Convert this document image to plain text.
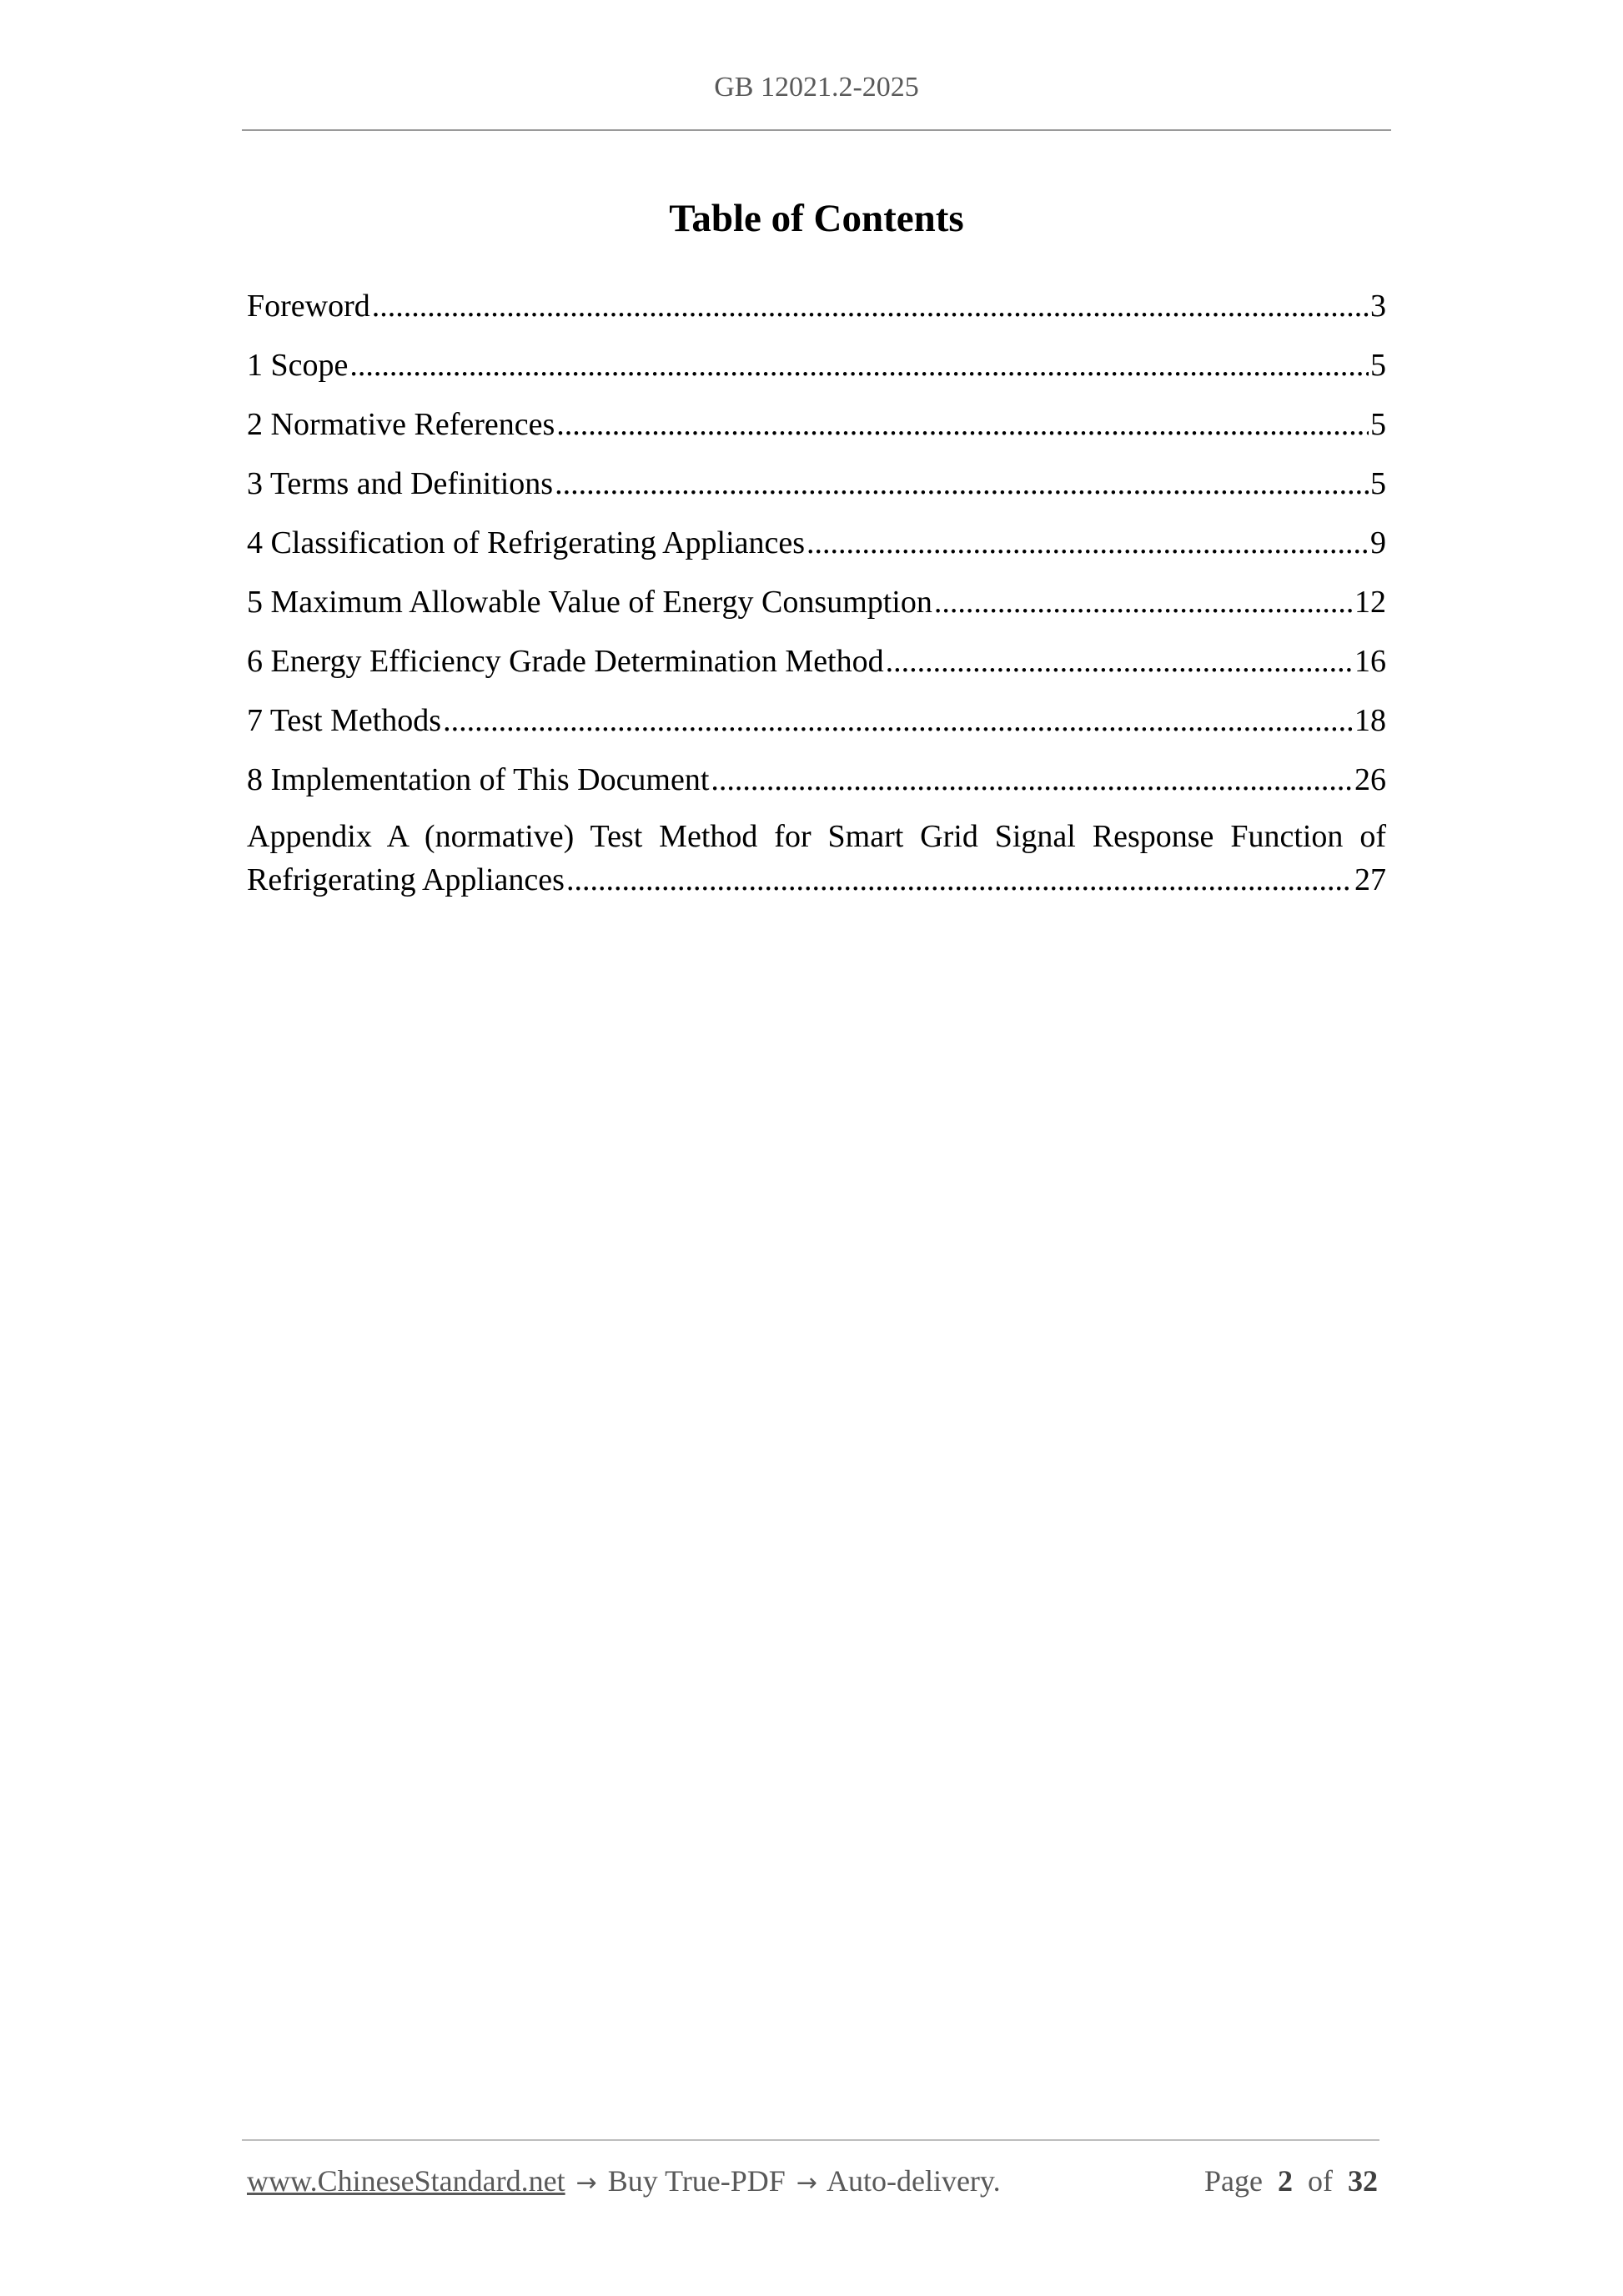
GB 12021.2-2025
Table of Contents
Foreword .....	3
1 Scope .....	5
2 Normative References .....	5
3 Terms and Definitions .....	5
4 Classification of Refrigerating Appliances .....	9
5 Maximum Allowable Value of Energy Consumption .....	12
6 Energy Efficiency Grade Determination Method .....	16
7 Test Methods .....	18
8 Implementation of This Document .....	26
Appendix A (normative) Test Method for Smart Grid Signal Response Function of
Refrigerating Appliances .....	27
www.ChineseStandard.net → Buy True-PDF → Auto-delivery.	Page 2 of 32
